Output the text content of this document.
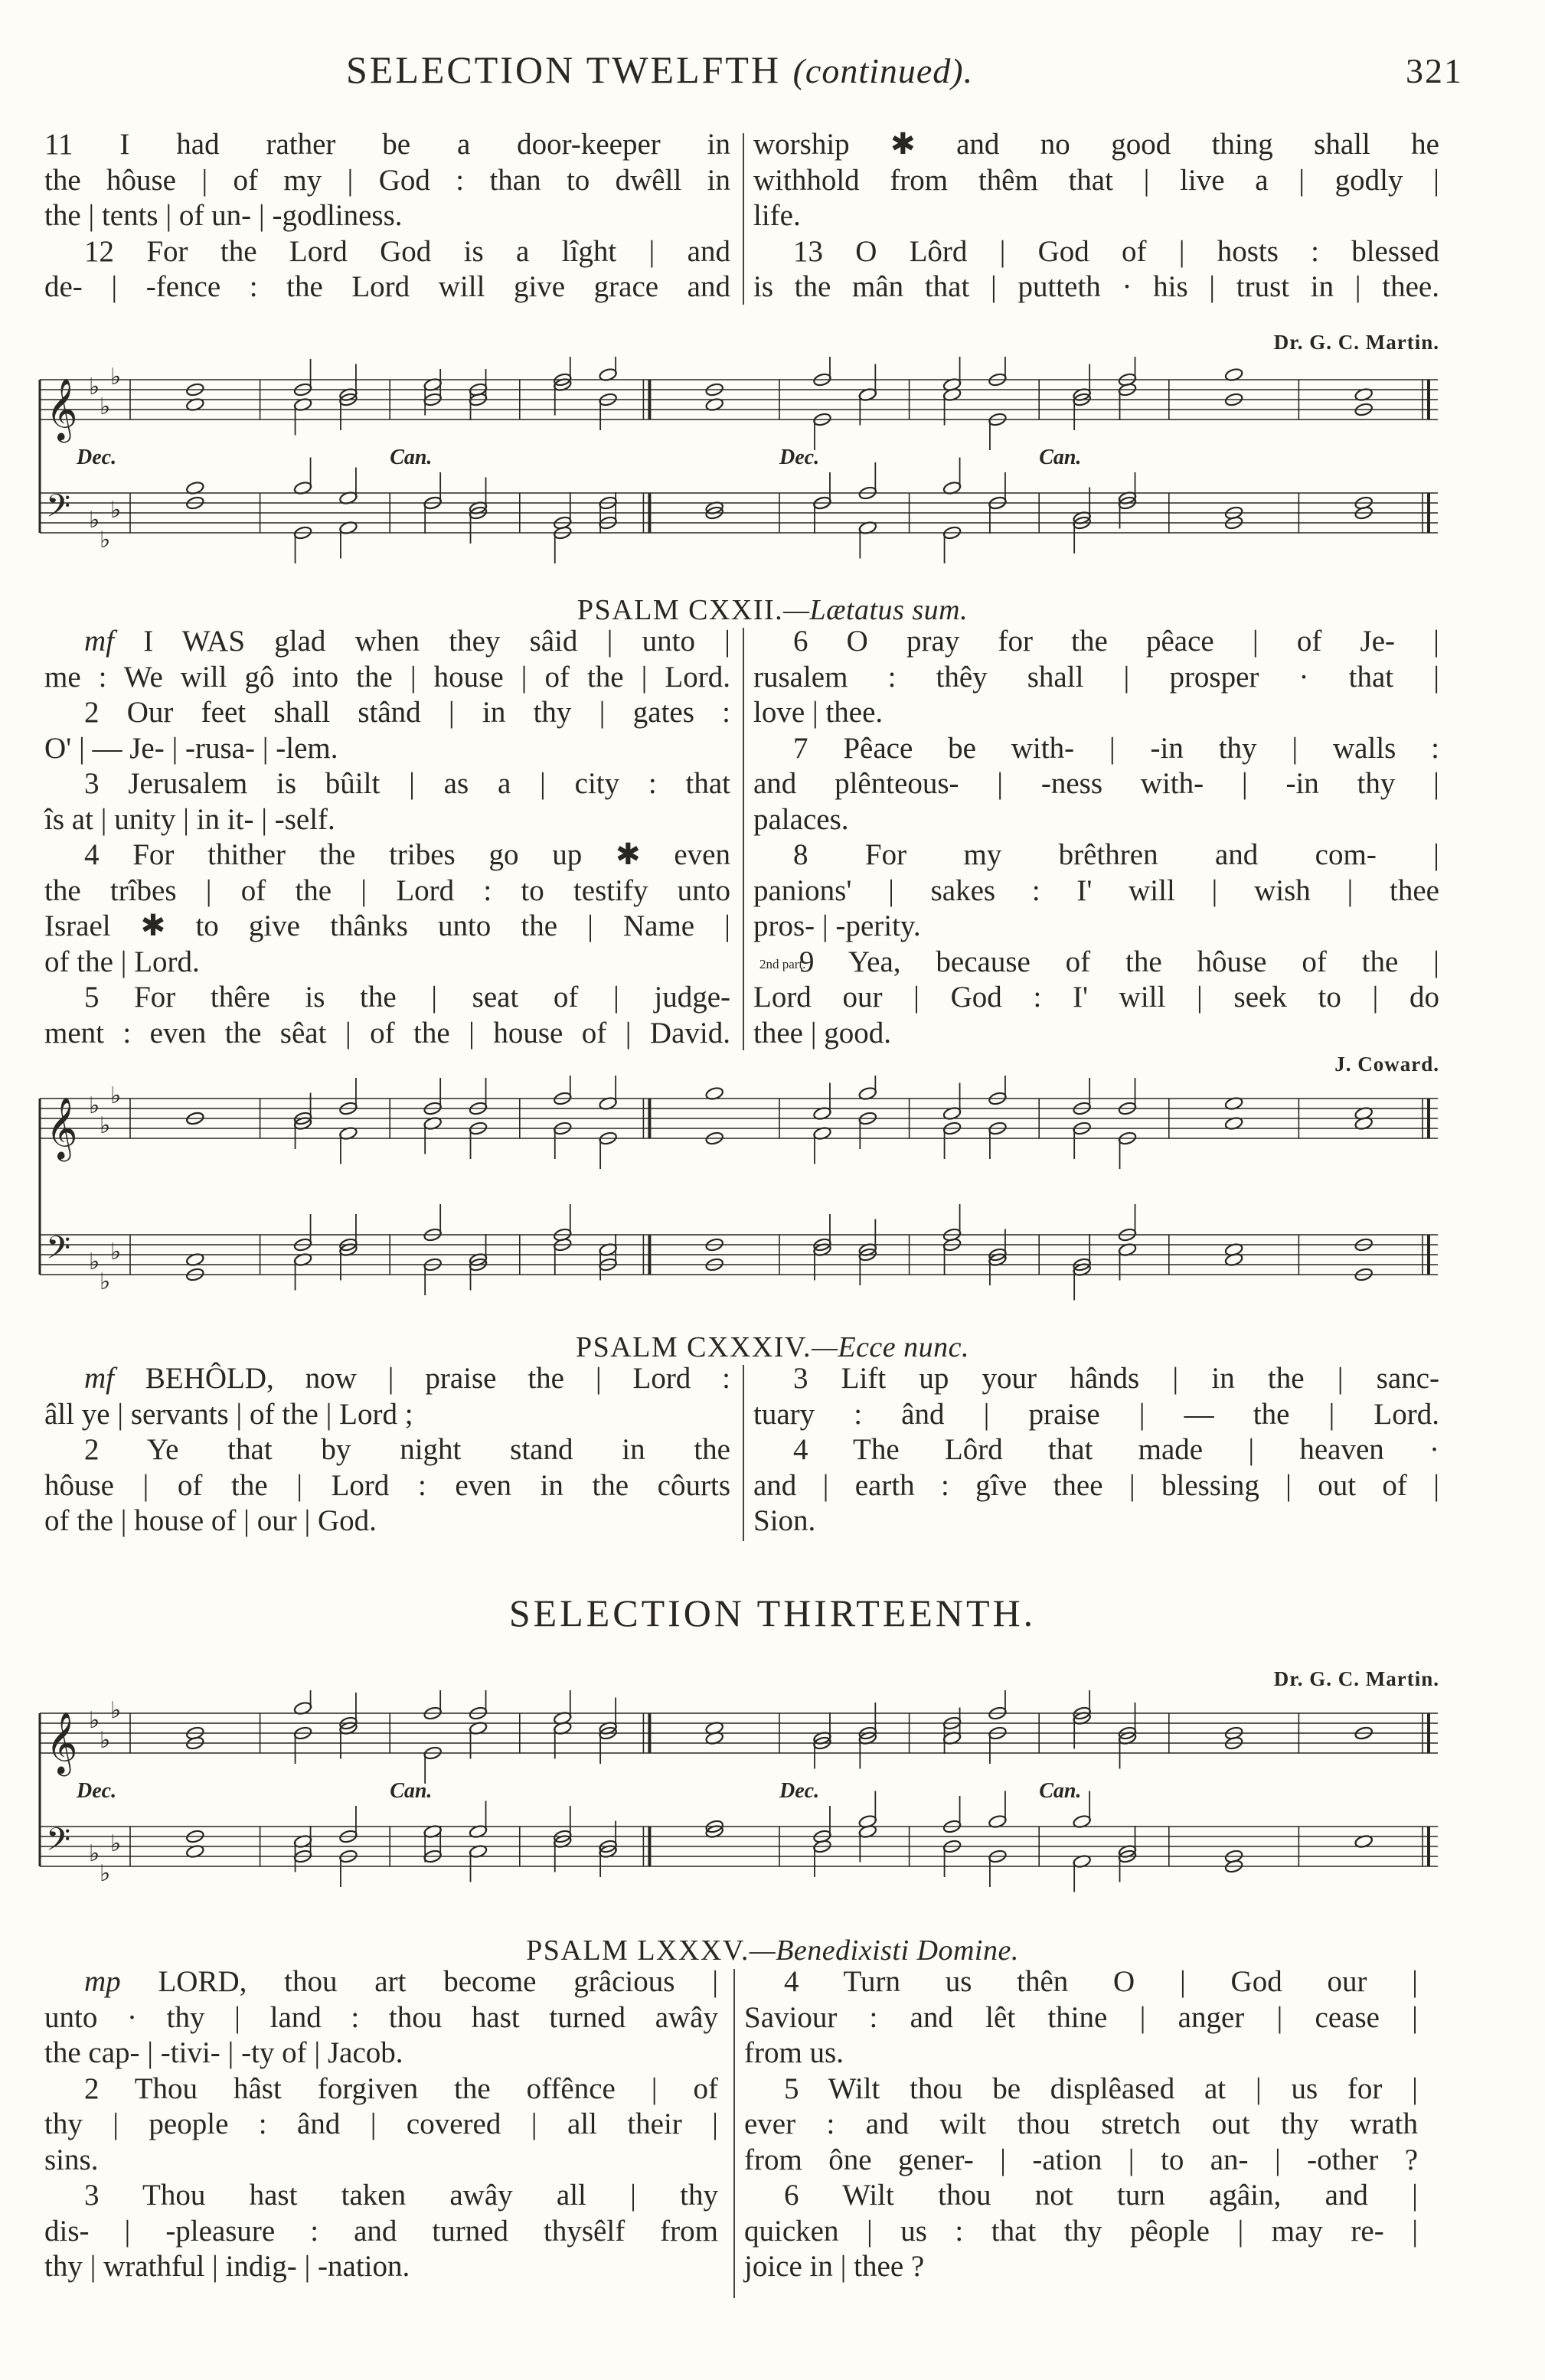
SELECTION TWELFTH (continued).	321

11 I had rather be a door-keeper in

the hôuse | of my | God : than to dwêll in

the | tents | of un- | -godliness.

12 For the Lord God is a lîght | and

de- | -fence : the Lord will give grace and

worship ✱ and no good thing shall he

withhold from thêm that | live a | godly |

life.

13 O Lôrd | God of | hosts : blessed

is the mân that | putteth · his | trust in | thee.

Dr. G. C. Martin.
𝄞 ♭
♭
♭
𝄢 ♭
♭
♭
Dec.	Can.	Dec.	Can.
PSALM CXXII.—Lætatus sum.

mf I WAS glad when they sâid | unto |

me : We will gô into the | house | of the | Lord.

2 Our feet shall stând | in thy | gates :

O' | — Je- | -rusa- | -lem.

3 Jerusalem is bûilt | as a | city : that

îs at | unity | in it- | -self.

4 For thither the tribes go up ✱ even

the trîbes | of the | Lord : to testify unto

Israel ✱ to give thânks unto the | Name |

of the | Lord.

5 For thêre is the | seat of | judge-

ment : even the sêat | of the | house of | David.

6 O pray for the pêace | of Je- |

rusalem : thêy shall | prosper · that |

love | thee.

7 Pêace be with- | -in thy | walls :

and plênteous- | -ness with- | -in thy |

palaces.

8 For my brêthren and com- |

panions' | sakes : I' will | wish | thee

pros- | -perity.

2nd part.9 Yea, because of the hôuse of the |

Lord our | God : I' will | seek to | do

thee | good.

J. Coward.
𝄞 ♭
♭
♭
𝄢 ♭
♭
♭
PSALM CXXXIV.—Ecce nunc.

mf BEHÔLD, now | praise the | Lord :

âll ye | servants | of the | Lord ;

2 Ye that by night stand in the

hôuse | of the | Lord : even in the côurts

of the | house of | our | God.

3 Lift up your hânds | in the | sanc-

tuary : ând | praise | — the | Lord.

4 The Lôrd that made | heaven ·

and | earth : gîve thee | blessing | out of |

Sion.

SELECTION THIRTEENTH.
Dr. G. C. Martin.
𝄞 ♭
♭
♭
𝄢 ♭
♭
♭
Dec.	Can.	Dec.	Can.
PSALM LXXXV.—Benedixisti Domine.

mp LORD, thou art become grâcious |

unto · thy | land : thou hast turned awây

the cap- | -tivi- | -ty of | Jacob.

2 Thou hâst forgiven the offênce | of

thy | people : ând | covered | all their |

sins.

3 Thou hast taken awây all | thy

dis- | -pleasure : and turned thysêlf from

thy | wrathful | indig- | -nation.

4 Turn us thên O | God our |

Saviour : and lêt thine | anger | cease |

from us.

5 Wilt thou be displêased at | us for |

ever : and wilt thou stretch out thy wrath

from ône gener- | -ation | to an- | -other ?

6 Wilt thou not turn agâin, and |

quicken | us : that thy pêople | may re- |

joice in | thee ?
